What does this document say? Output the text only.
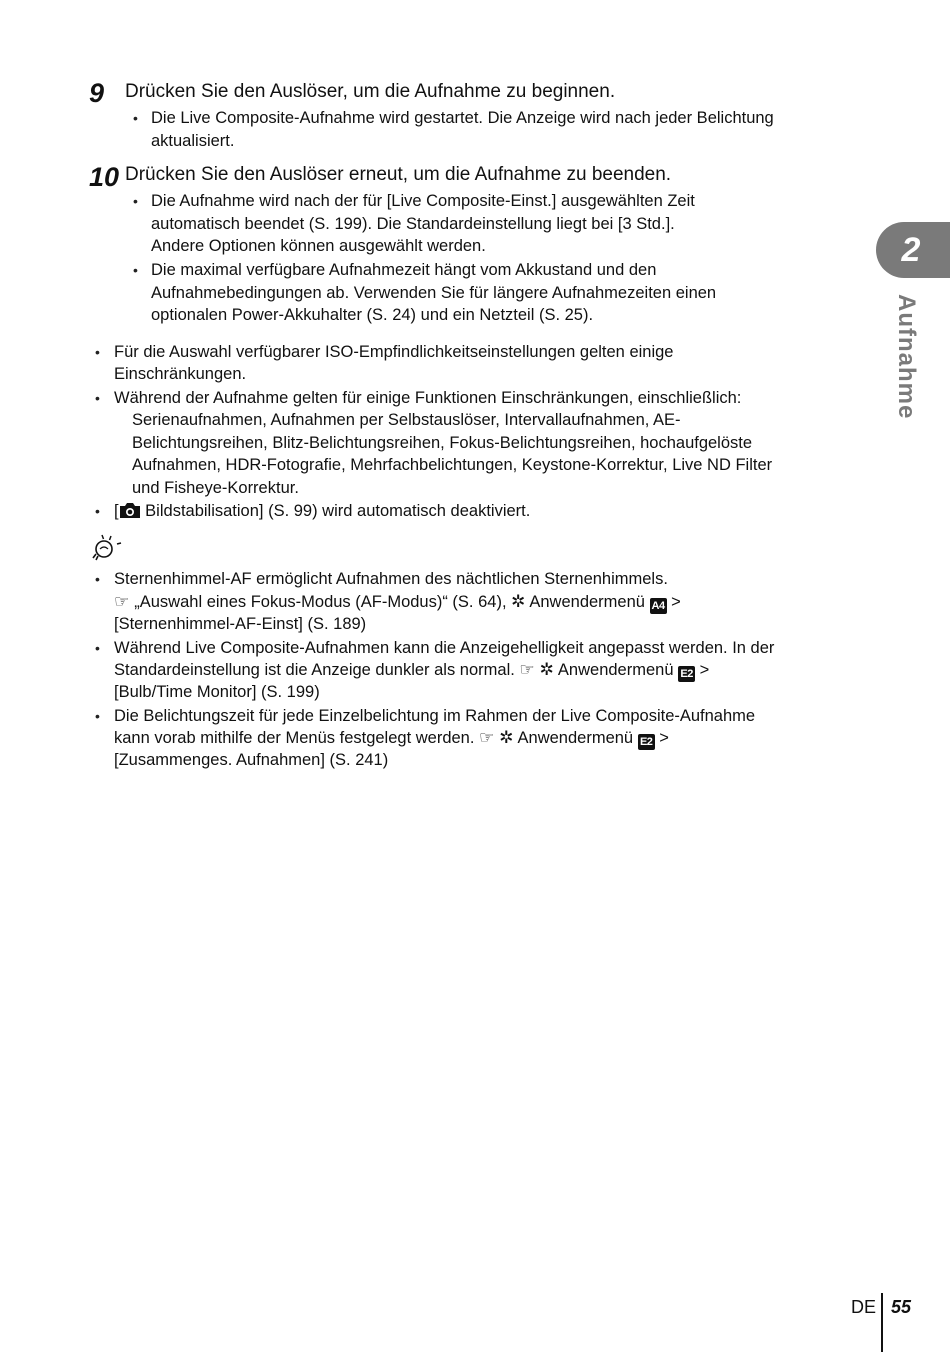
9 Drücken Sie den Auslöser, um die Aufnahme zu beginnen.
• Die Live Composite-Aufnahme wird gestartet. Die Anzeige wird nach jeder Belichtung
aktualisiert.
10 Drücken Sie den Auslöser erneut, um die Aufnahme zu beenden.
• Die Aufnahme wird nach der für [Live Composite-Einst.] ausgewählten Zeit
automatisch beendet (S. 199). Die Standardeinstellung liegt bei [3 Std.].
Andere Optionen können ausgewählt werden.
• Die maximal verfügbare Aufnahmezeit hängt vom Akkustand und den
Aufnahmebedingungen ab. Verwenden Sie für längere Aufnahmezeiten einen
optionalen Power-Akkuhalter (S. 24) und ein Netzteil (S. 25).
• Für die Auswahl verfügbarer ISO-Empfindlichkeitseinstellungen gelten einige
Einschränkungen.
• Während der Aufnahme gelten für einige Funktionen Einschränkungen, einschließlich:
Serienaufnahmen, Aufnahmen per Selbstauslöser, Intervallaufnahmen, AE-
Belichtungsreihen, Blitz-Belichtungsreihen, Fokus-Belichtungsreihen, hochaufgelöste
Aufnahmen, HDR-Fotografie, Mehrfachbelichtungen, Keystone-Korrektur, Live ND Filter
und Fisheye-Korrektur.
• [ Bildstabilisation] (S. 99) wird automatisch deaktiviert.
• Sternenhimmel-AF ermöglicht Aufnahmen des nächtlichen Sternenhimmels.
☞ „Auswahl eines Fokus-Modus (AF-Modus)“ (S. 64), ✲ Anwendermenü A4 >
[Sternenhimmel-AF-Einst] (S. 189)
• Während Live Composite-Aufnahmen kann die Anzeigehelligkeit angepasst werden. In der
Standardeinstellung ist die Anzeige dunkler als normal. ☞ ✲ Anwendermenü E2 >
[Bulb/Time Monitor] (S. 199)
• Die Belichtungszeit für jede Einzelbelichtung im Rahmen der Live Composite-Aufnahme
kann vorab mithilfe der Menüs festgelegt werden. ☞ ✲ Anwendermenü E2 >
[Zusammenges. Aufnahmen] (S. 241)
2
Aufnahme
DE 55
